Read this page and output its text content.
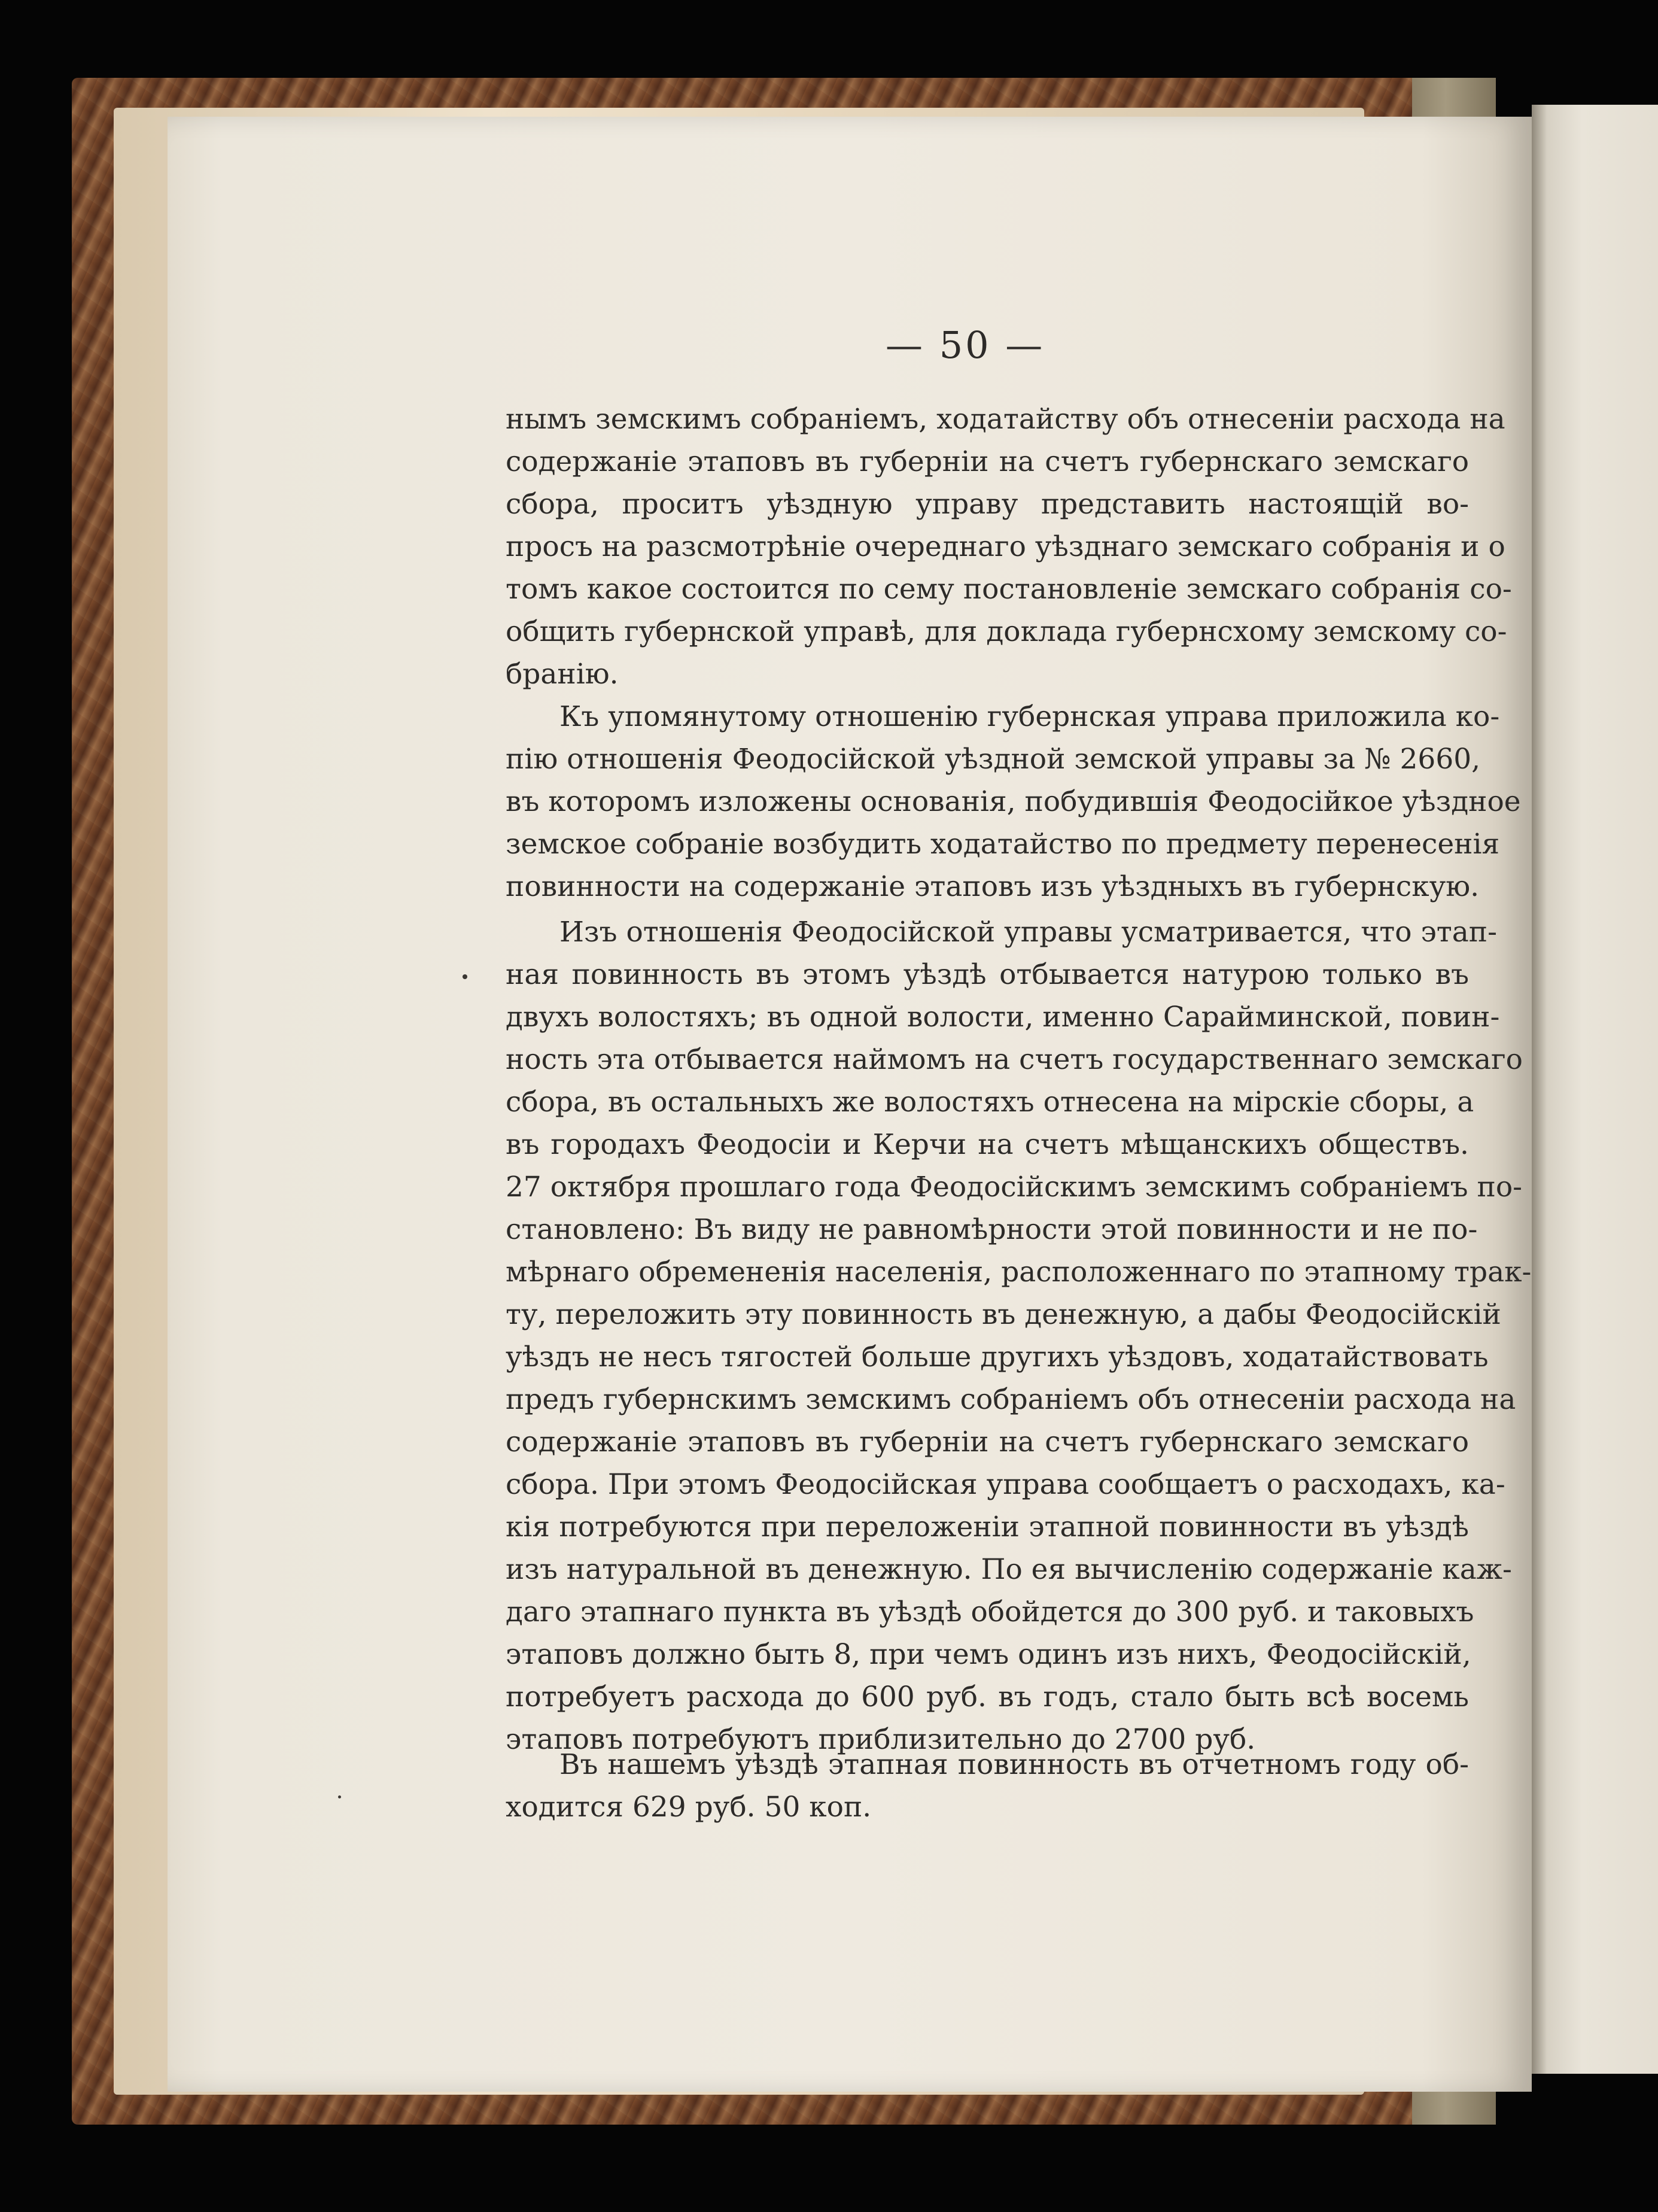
— 50 —
нымъ земскимъ собраніемъ, ходатайству объ отнесеніи расхода на
содержаніе этаповъ въ губерніи на счетъ губернскаго земскаго
сбора, проситъ уѣздную управу представить настоящій во-
просъ на разсмотрѣніе очереднаго уѣзднаго земскаго собранія и о
томъ какое состоится по сему постановленіе земскаго собранія со-
общить губернской управѣ, для доклада губернсхому земскому со-
бранію.
Къ упомянутому отношенію губернская управа приложила ко-
пію отношенія Феодосійской уѣздной земской управы за № 2660,
въ которомъ изложены основанія, побудившія Феодосійкое уѣздное
земское собраніе возбудить ходатайство по предмету перенесенія
повинности на содержаніе этаповъ изъ уѣздныхъ въ губернскую.
Изъ отношенія Феодосійской управы усматривается, что этап-
ная повинность въ этомъ уѣздѣ отбывается натурою только въ
двухъ волостяхъ; въ одной волости, именно Сарайминской, повин-
ность эта отбывается наймомъ на счетъ государственнаго земскаго
сбора, въ остальныхъ же волостяхъ отнесена на мірскіе сборы, а
въ городахъ Феодосіи и Керчи на счетъ мѣщанскихъ обществъ.
27 октября прошлаго года Феодосійскимъ земскимъ собраніемъ по-
становлено: Въ виду не равномѣрности этой повинности и не по-
мѣрнаго обремененія населенія, расположеннаго по этапному трак-
ту, переложить эту повинность въ денежную, а дабы Феодосійскій
уѣздъ не несъ тягостей больше другихъ уѣздовъ, ходатайствовать
предъ губернскимъ земскимъ собраніемъ объ отнесеніи расхода на
содержаніе этаповъ въ губерніи на счетъ губернскаго земскаго
сбора. При этомъ Феодосійская управа сообщаетъ о расходахъ, ка-
кія потребуются при переложеніи этапной повинности въ уѣздѣ
изъ натуральной въ денежную. По ея вычисленію содержаніе каж-
даго этапнаго пункта въ уѣздѣ обойдется до 300 руб. и таковыхъ
этаповъ должно быть 8, при чемъ одинъ изъ нихъ, Феодосійскій,
потребуетъ расхода до 600 руб. въ годъ, стало быть всѣ восемь
этаповъ потребуютъ приблизительно до 2700 руб.
Въ нашемъ уѣздѣ этапная повинность въ отчетномъ году об-
ходится 629 руб. 50 коп.
